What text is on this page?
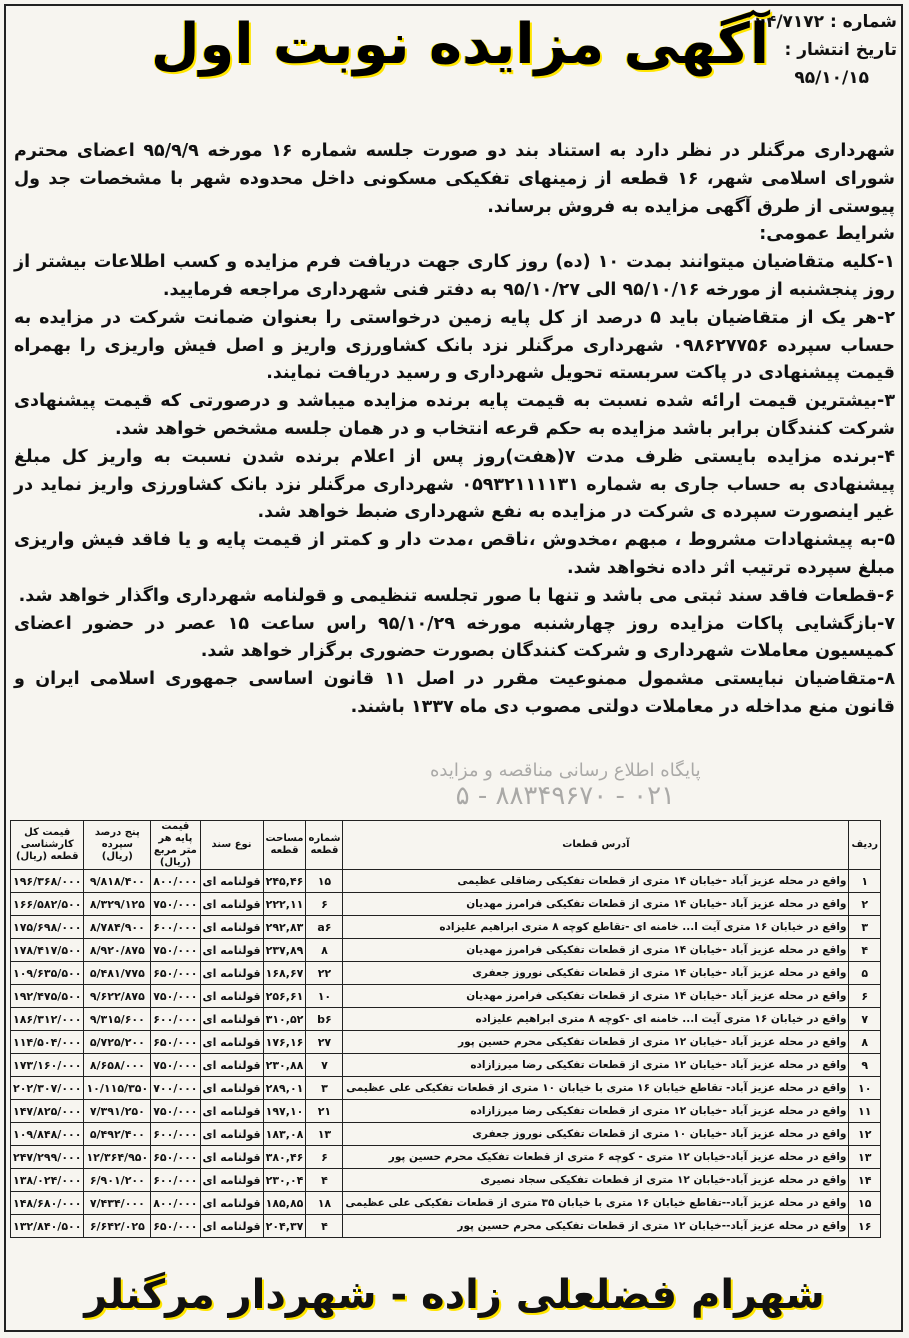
شماره : ۹۴/۷۱۷۲
تاریخ انتشار :
۹۵/۱۰/۱۵
آگهی مزایده نوبت اول
پایگاه اطلاع رسانی مناقصه و مزایده
۰۲۱ - ۸۸۳۴۹۶۷۰ - ۵

شهرداری مرگنلر در نظر دارد به استناد بند دو صورت جلسه شماره ۱۶ مورخه ۹۵/۹/۹ اعضای محترم شورای اسلامی شهر، ۱۶ قطعه از زمینهای تفکیکی مسکونی داخل محدوده شهر با مشخصات جد ول پیوستی از طرق آگهی مزایده به فروش برساند.

شرایط عمومی:

۱-کلیه متقاضیان میتوانند بمدت ۱۰ (ده) روز کاری جهت دریافت فرم مزایده و کسب اطلاعات بیشتر از روز پنجشنبه از مورخه ۹۵/۱۰/۱۶ الی ۹۵/۱۰/۲۷ به دفتر فنی شهرداری مراجعه فرمایید.

۲-هر یک از متقاضیان باید ۵ درصد از کل پایه زمین درخواستی را بعنوان ضمانت شرکت در مزایده به حساب سپرده ۰۹۸۶۲۷۷۵۶ شهرداری مرگنلر نزد بانک کشاورزی واریز و اصل فیش واریزی را بهمراه قیمت پیشنهادی در پاکت سربسته تحویل شهرداری و رسید دریافت نمایند.

۳-بیشترین قیمت ارائه شده نسبت به قیمت پایه برنده مزایده میباشد و درصورتی که قیمت پیشنهادی شرکت کنندگان برابر باشد مزایده به حکم قرعه انتخاب و در همان جلسه مشخص خواهد شد.

۴-برنده مزایده بایستی ظرف مدت ۷(هفت)روز پس از اعلام برنده شدن نسبت به واریز کل مبلغ پیشنهادی به حساب جاری به شماره ۰۵۹۳۲۱۱۱۱۳۱ شهرداری مرگنلر نزد بانک کشاورزی واریز نماید در غیر اینصورت سپرده ی شرکت در مزایده به نفع شهرداری ضبط خواهد شد.

۵-به پیشنهادات مشروط ، مبهم ،مخدوش ،ناقص ،مدت دار و کمتر از قیمت پایه و یا فاقد فیش واریزی مبلغ سپرده ترتیب اثر داده نخواهد شد.

۶-قطعات فاقد سند ثبتی می باشد و تنها با صور تجلسه تنظیمی و قولنامه شهرداری واگذار خواهد شد.

۷-بازگشایی پاکات مزایده روز چهارشنبه مورخه ۹۵/۱۰/۲۹ راس ساعت ۱۵ عصر در حضور اعضای کمیسیون معاملات شهرداری و شرکت کنندگان بصورت حضوری برگزار خواهد شد.

۸-متقاضیان نبایستی مشمول ممنوعیت مقرر در اصل ۱۱ قانون اساسی جمهوری اسلامی ایران و قانون منع مداخله در معاملات دولتی مصوب دی ماه ۱۳۳۷ باشند.

ردیف	آدرس قطعات	شماره قطعه	مساحت قطعه	نوع سند	قیمت پایه هر متر مربع (ریال)	پنج درصد سپرده (ریال)	قیمت کل کارشناسی قطعه (ریال)
۱	واقع در محله عزیز آباد -خیابان ۱۴ متری از قطعات تفکیکی رضاقلی عظیمی	۱۵	۲۴۵,۴۶	قولنامه ای	۸۰۰/۰۰۰	۹/۸۱۸/۴۰۰	۱۹۶/۳۶۸/۰۰۰
۲	واقع در محله عزیز آباد -خیابان ۱۴ متری از قطعات تفکیکی فرامرز مهدیان	۶	۲۲۲,۱۱	قولنامه ای	۷۵۰/۰۰۰	۸/۳۲۹/۱۲۵	۱۶۶/۵۸۲/۵۰۰
۳	واقع در خیابان ۱۶ متری آیت ا... خامنه ای -تقاطع کوچه ۸ متری ابراهیم علیزاده	a۶	۲۹۲,۸۳	قولنامه ای	۶۰۰/۰۰۰	۸/۷۸۴/۹۰۰	۱۷۵/۶۹۸/۰۰۰
۴	واقع در محله عزیز آباد -خیابان ۱۴ متری از قطعات تفکیکی فرامرز مهدیان	۸	۲۳۷,۸۹	قولنامه ای	۷۵۰/۰۰۰	۸/۹۲۰/۸۷۵	۱۷۸/۴۱۷/۵۰۰
۵	واقع در محله عزیز آباد -خیابان ۱۴ متری از قطعات تفکیکی نوروز جعفری	۲۲	۱۶۸,۶۷	قولنامه ای	۶۵۰/۰۰۰	۵/۴۸۱/۷۷۵	۱۰۹/۶۳۵/۵۰۰
۶	واقع در محله عزیز آباد -خیابان ۱۴ متری از قطعات تفکیکی فرامرز مهدیان	۱۰	۲۵۶,۶۱	قولنامه ای	۷۵۰/۰۰۰	۹/۶۲۲/۸۷۵	۱۹۲/۴۷۵/۵۰۰
۷	واقع در خیابان ۱۶ متری آیت ا... خامنه ای -کوچه ۸ متری ابراهیم علیزاده	b۶	۳۱۰,۵۲	قولنامه ای	۶۰۰/۰۰۰	۹/۳۱۵/۶۰۰	۱۸۶/۳۱۲/۰۰۰
۸	واقع در محله عزیز آباد -خیابان ۱۲ متری از قطعات تفکیکی محرم حسین پور	۲۷	۱۷۶,۱۶	قولنامه ای	۶۵۰/۰۰۰	۵/۷۲۵/۲۰۰	۱۱۴/۵۰۴/۰۰۰
۹	واقع در محله عزیز آباد -خیابان ۱۲ متری از قطعات تفکیکی رضا میرزازاده	۷	۲۳۰,۸۸	قولنامه ای	۷۵۰/۰۰۰	۸/۶۵۸/۰۰۰	۱۷۳/۱۶۰/۰۰۰
۱۰	واقع در محله عزیز آباد- تقاطع خیابان ۱۶ متری با خیابان ۱۰ متری از قطعات تفکیکی علی عظیمی	۳	۲۸۹,۰۱	قولنامه ای	۷۰۰/۰۰۰	۱۰/۱۱۵/۳۵۰	۲۰۲/۳۰۷/۰۰۰
۱۱	واقع در محله عزیز آباد -خیابان ۱۲ متری از قطعات تفکیکی رضا میرزازاده	۲۱	۱۹۷,۱۰	قولنامه ای	۷۵۰/۰۰۰	۷/۳۹۱/۲۵۰	۱۴۷/۸۲۵/۰۰۰
۱۲	واقع در محله عزیز آباد -خیابان ۱۰ متری از قطعات تفکیکی نوروز جعفری	۱۳	۱۸۳,۰۸	قولنامه ای	۶۰۰/۰۰۰	۵/۴۹۲/۴۰۰	۱۰۹/۸۴۸/۰۰۰
۱۳	واقع در محله عزیز آباد-خیابان ۱۲ متری - کوچه ۶ متری از قطعات تفکیک محرم حسین پور	۶	۳۸۰,۴۶	قولنامه ای	۶۵۰/۰۰۰	۱۲/۳۶۴/۹۵۰	۲۴۷/۲۹۹/۰۰۰
۱۴	واقع در محله عزیز آباد-خیابان ۱۲ متری از قطعات تفکیکی سجاد نصیری	۴	۲۳۰,۰۴	قولنامه ای	۶۰۰/۰۰۰	۶/۹۰۱/۲۰۰	۱۳۸/۰۲۴/۰۰۰
۱۵	واقع در محله عزیز آباد--تقاطع خیابان ۱۶ متری با خیابان ۳۵ متری از قطعات تفکیکی علی عظیمی	۱۸	۱۸۵,۸۵	قولنامه ای	۸۰۰/۰۰۰	۷/۴۳۴/۰۰۰	۱۴۸/۶۸۰/۰۰۰
۱۶	واقع در محله عزیز آباد--خیابان ۱۲ متری از قطعات تفکیکی محرم حسین پور	۴	۲۰۴,۳۷	قولنامه ای	۶۵۰/۰۰۰	۶/۶۴۲/۰۲۵	۱۳۲/۸۴۰/۵۰۰
شهرام فضلعلی زاده - شهردار مرگنلر
